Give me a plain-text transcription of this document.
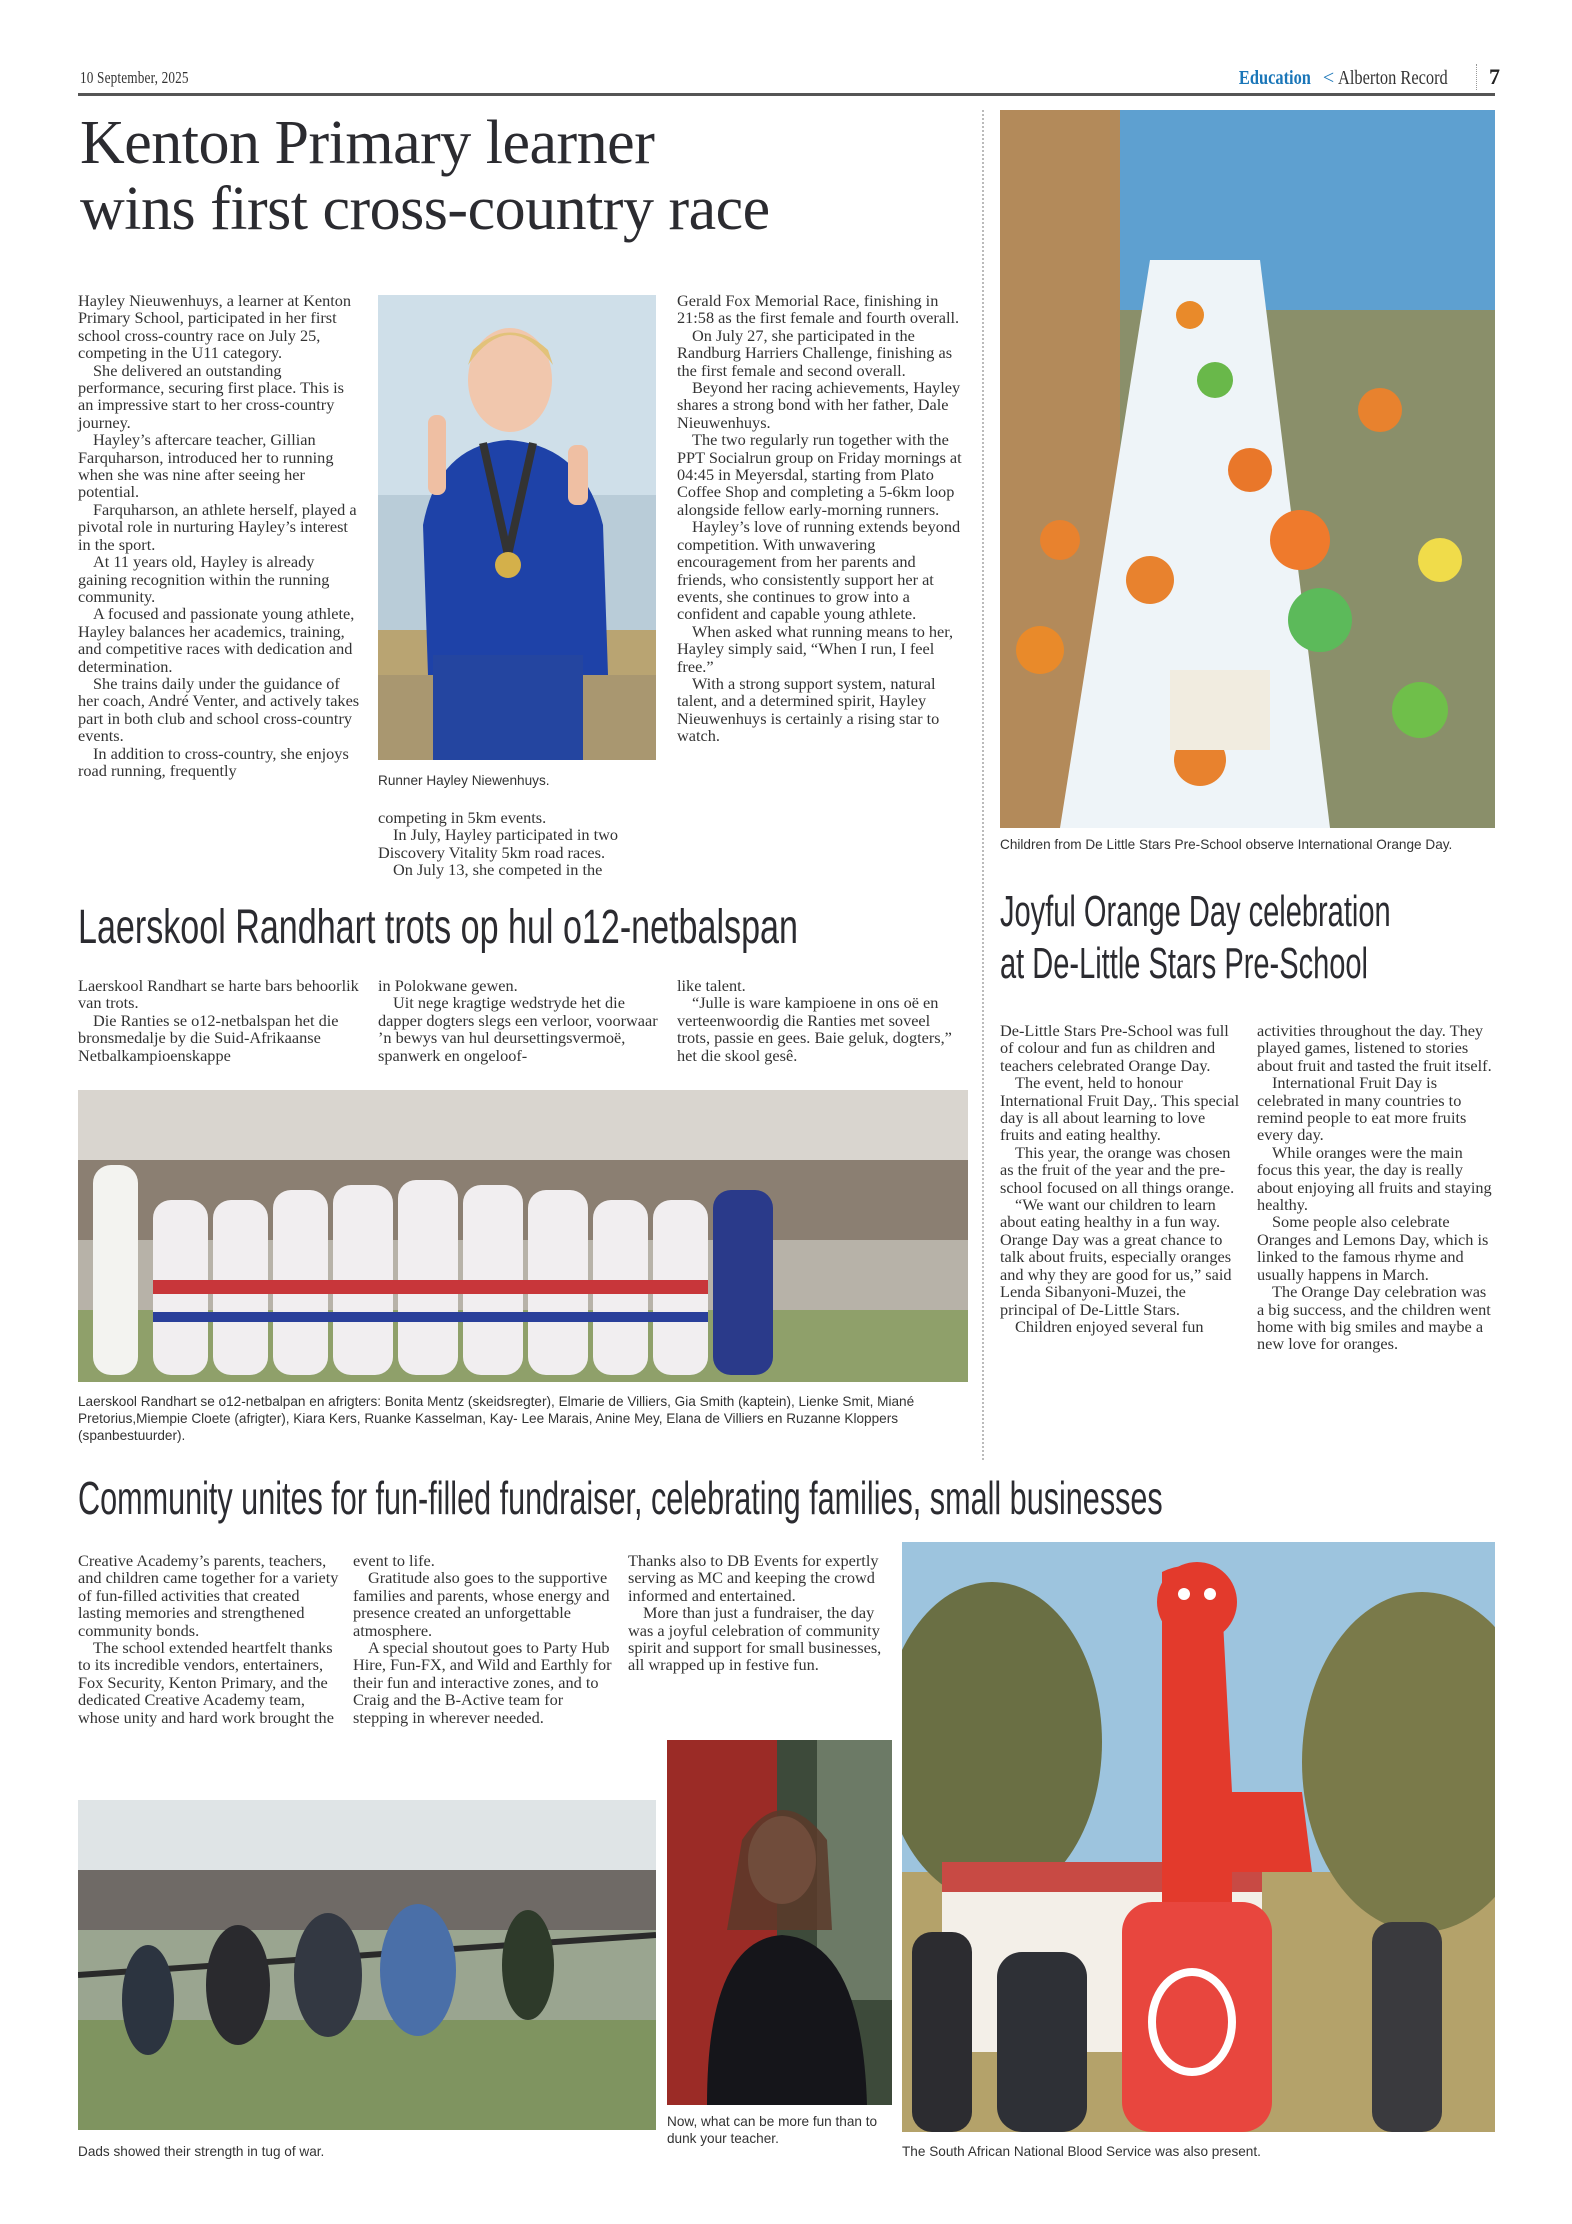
10 September, 2025	Education < Alberton Record 7
Kenton Primary learner
wins first cross-country race

Hayley Nieuwenhuys, a learner at Kenton Primary School, participated in her first school cross-country race on July 25, competing in the U11 category.

She delivered an outstanding performance, securing first place. This is an impressive start to her cross-country journey.

Hayley’s aftercare teacher, Gillian Farquharson, introduced her to running when she was nine after seeing her potential.

Farquharson, an athlete herself, played a pivotal role in nurturing Hayley’s interest in the sport.

At 11 years old, Hayley is already gaining recognition within the running community.

A focused and passionate young athlete, Hayley balances her academics, training, and competitive races with dedication and determination.

She trains daily under the guidance of her coach, André Venter, and actively takes part in both club and school cross-country events.

In addition to cross-country, she enjoys road running, frequently

Runner Hayley Niewenhuys.

competing in 5km events.

In July, Hayley participated in two Discovery Vitality 5km road races.

On July 13, she competed in the

Gerald Fox Memorial Race, finishing in 21:58 as the first female and fourth overall.

On July 27, she participated in the Randburg Harriers Challenge, finishing as the first female and second overall.

Beyond her racing achievements, Hayley shares a strong bond with her father, Dale Nieuwenhuys.

The two regularly run together with the PPT Socialrun group on Friday mornings at 04:45 in Meyersdal, starting from Plato Coffee Shop and completing a 5-6km loop alongside fellow early-morning runners.

Hayley’s love of running extends beyond competition. With unwavering encouragement from her parents and friends, who consistently support her at events, she continues to grow into a confident and capable young athlete.

When asked what running means to her, Hayley simply said, “When I run, I feel free.”

With a strong support system, natural talent, and a determined spirit, Hayley Nieuwenhuys is certainly a rising star to watch.

Children from De Little Stars Pre-School observe International Orange Day.
Joyful Orange Day celebration
at De-Little Stars Pre-School

De-Little Stars Pre-School was full of colour and fun as children and teachers celebrated Orange Day.

The event, held to honour International Fruit Day,. This special day is all about learning to love fruits and eating healthy.

This year, the orange was chosen as the fruit of the year and the pre-school focused on all things orange.

“We want our children to learn about eating healthy in a fun way. Orange Day was a great chance to talk about fruits, especially oranges and why they are good for us,” said Lenda Sibanyoni-Muzei, the principal of De-Little Stars.

Children enjoyed several fun

activities throughout the day. They played games, listened to stories about fruit and tasted the fruit itself.

International Fruit Day is celebrated in many countries to remind people to eat more fruits every day.

While oranges were the main focus this year, the day is really about enjoying all fruits and staying healthy.

Some people also celebrate Oranges and Lemons Day, which is linked to the famous rhyme and usually happens in March.

The Orange Day celebration was a big success, and the children went home with big smiles and maybe a new love for oranges.

Laerskool Randhart trots op hul o12-netbalspan

Laerskool Randhart se harte bars behoorlik van trots.

Die Ranties se o12-netbalspan het die bronsmedalje by die Suid-Afrikaanse Netbalkampioenskappe

in Polokwane gewen.

Uit nege kragtige wedstryde het die dapper dogters slegs een verloor, voorwaar ’n bewys van hul deursettingsvermoë, spanwerk en ongeloof-

like talent.

“Julle is ware kampioene in ons oë en verteenwoordig die Ranties met soveel trots, passie en gees. Baie geluk, dogters,” het die skool gesê.

Laerskool Randhart se o12-netbalpan en afrigters: Bonita Mentz (skeidsregter), Elmarie de Villiers, Gia Smith (kaptein), Lienke Smit, Miané Pretorius,Miempie Cloete (afrigter), Kiara Kers, Ruanke Kasselman, Kay- Lee Marais, Anine Mey, Elana de Villiers en Ruzanne Kloppers (spanbestuurder).
Community unites for fun-filled fundraiser, celebrating families, small businesses

Creative Academy’s parents, teachers, and children came together for a variety of fun-filled activities that created lasting memories and strengthened community bonds.

The school extended heartfelt thanks to its incredible vendors, entertainers, Fox Security, Kenton Primary, and the dedicated Creative Academy team, whose unity and hard work brought the

event to life.

Gratitude also goes to the supportive families and parents, whose energy and presence created an unforgettable atmosphere.

A special shoutout goes to Party Hub Hire, Fun-FX, and Wild and Earthly for their fun and interactive zones, and to Craig and the B-Active team for stepping in wherever needed.

Thanks also to DB Events for expertly serving as MC and keeping the crowd informed and entertained.

More than just a fundraiser, the day was a joyful celebration of community spirit and support for small businesses, all wrapped up in festive fun.

Dads showed their strength in tug of war.
Now, what can be more fun than to dunk your teacher.
The South African National Blood Service was also present.
